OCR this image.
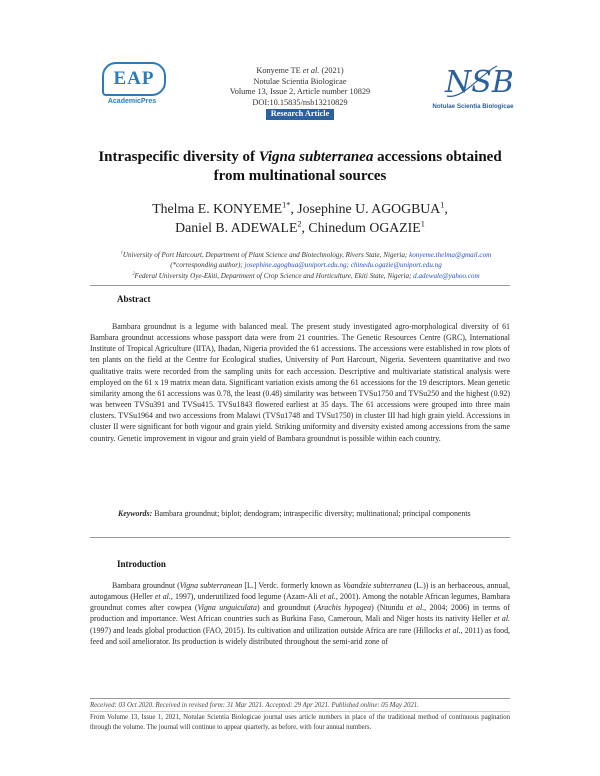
EAP
AcademicPres
Konyeme TE et al. (2021)
Notulae Scientia Biologicae
Volume 13, Issue 2, Article number 10829
DOI:10.15835/nsb13210829
Research Article
NSB
Notulae Scientia Biologicae
Intraspecific diversity of Vigna subterranea accessions obtained
from multinational sources
Thelma E. $KONYEME^{1*}$, Josephine U. AGOGBUA$^1$,
Daniel B. ADEWALE$^2$, Chinedum OGAZIE$^1$
$^1$University of Port Harcourt, Department of Plant Science and Biotechnology, Rivers State, Nigeria; konyeme.thelma@gmail.com
(*corresponding author); josephine.agogbua@uniport.edu.ng; chinedu.ogazie@uniport.edu.ng
$^2$Federal University Oye-Ekiti, Department of Crop Science and Horticulture, Ekiti State, Nigeria; d.adewale@yahoo.com
Abstract
Bambara groundnut is a legume with balanced meal. The present study investigated agro-morphological diversity of 61 Bambara groundnut accessions whose passport data were from 21 countries. The Genetic Resources Centre (GRC), International Institute of Tropical Agriculture (IITA), Ibadan, Nigeria provided the 61 accessions. The accessions were established in row plots of ten plants on the field at the Centre for Ecological studies, University of Port Harcourt, Nigeria. Seventeen quantitative and two qualitative traits were recorded from the sampling units for each accession. Descriptive and multivariate statistical analysis were employed on the 61 x 19 matrix mean data. Significant variation exists among the 61 accessions for the 19 descriptors. Mean genetic similarity among the 61 accessions was 0.78, the least (0.48) similarity was between TVSu1750 and TVSu250 and the highest (0.92) was between TVSu391 and TVSu415. TVSu1843 flowered earliest at 35 days. The 61 accessions were grouped into three main clusters. TVSu1964 and two accessions from Malawi (TVSu1748 and TVSu1750) in cluster III had high grain yield. Accessions in cluster II were significant for both vigour and grain yield. Striking uniformity and diversity existed among accessions from the same country. Genetic improvement in vigour and grain yield of Bambara groundnut is possible within each country.
Keywords: Bambara groundnut; biplot; dendogram; intraspecific diversity; multinational; principal components
Introduction
Bambara groundnut (Vigna subterranean [L.] Verdc. formerly known as Voandzie subterranea (L.)) is an herbaceous, annual, autogamous (Heller et al., 1997), underutilized food legume (Azam-Ali et al., 2001). Among the notable African legumes, Bambara groundnut comes after cowpea (Vigna unguiculata) and groundnut (Arachis hypogea) (Ntundu et al., 2004; 2006) in terms of production and importance. West African countries such as Burkina Faso, Cameroun, Mali and Niger hosts its nativity Heller et al. (1997) and leads global production (FAO, 2015). Its cultivation and utilization outside Africa are rare (Hillocks et al., 2011) as food, feed and soil ameliorator. Its production is widely distributed throughout the semi-arid zone of
Received: 03 Oct 2020. Received in revised form: 31 Mar 2021. Accepted: 29 Apr 2021. Published online: 05 May 2021.
From Volume 13, Issue 1, 2021, Notulae Scientia Biologicae journal uses article numbers in place of the traditional method of continuous pagination through the volume. The journal will continue to appear quarterly, as before, with four annual numbers.
